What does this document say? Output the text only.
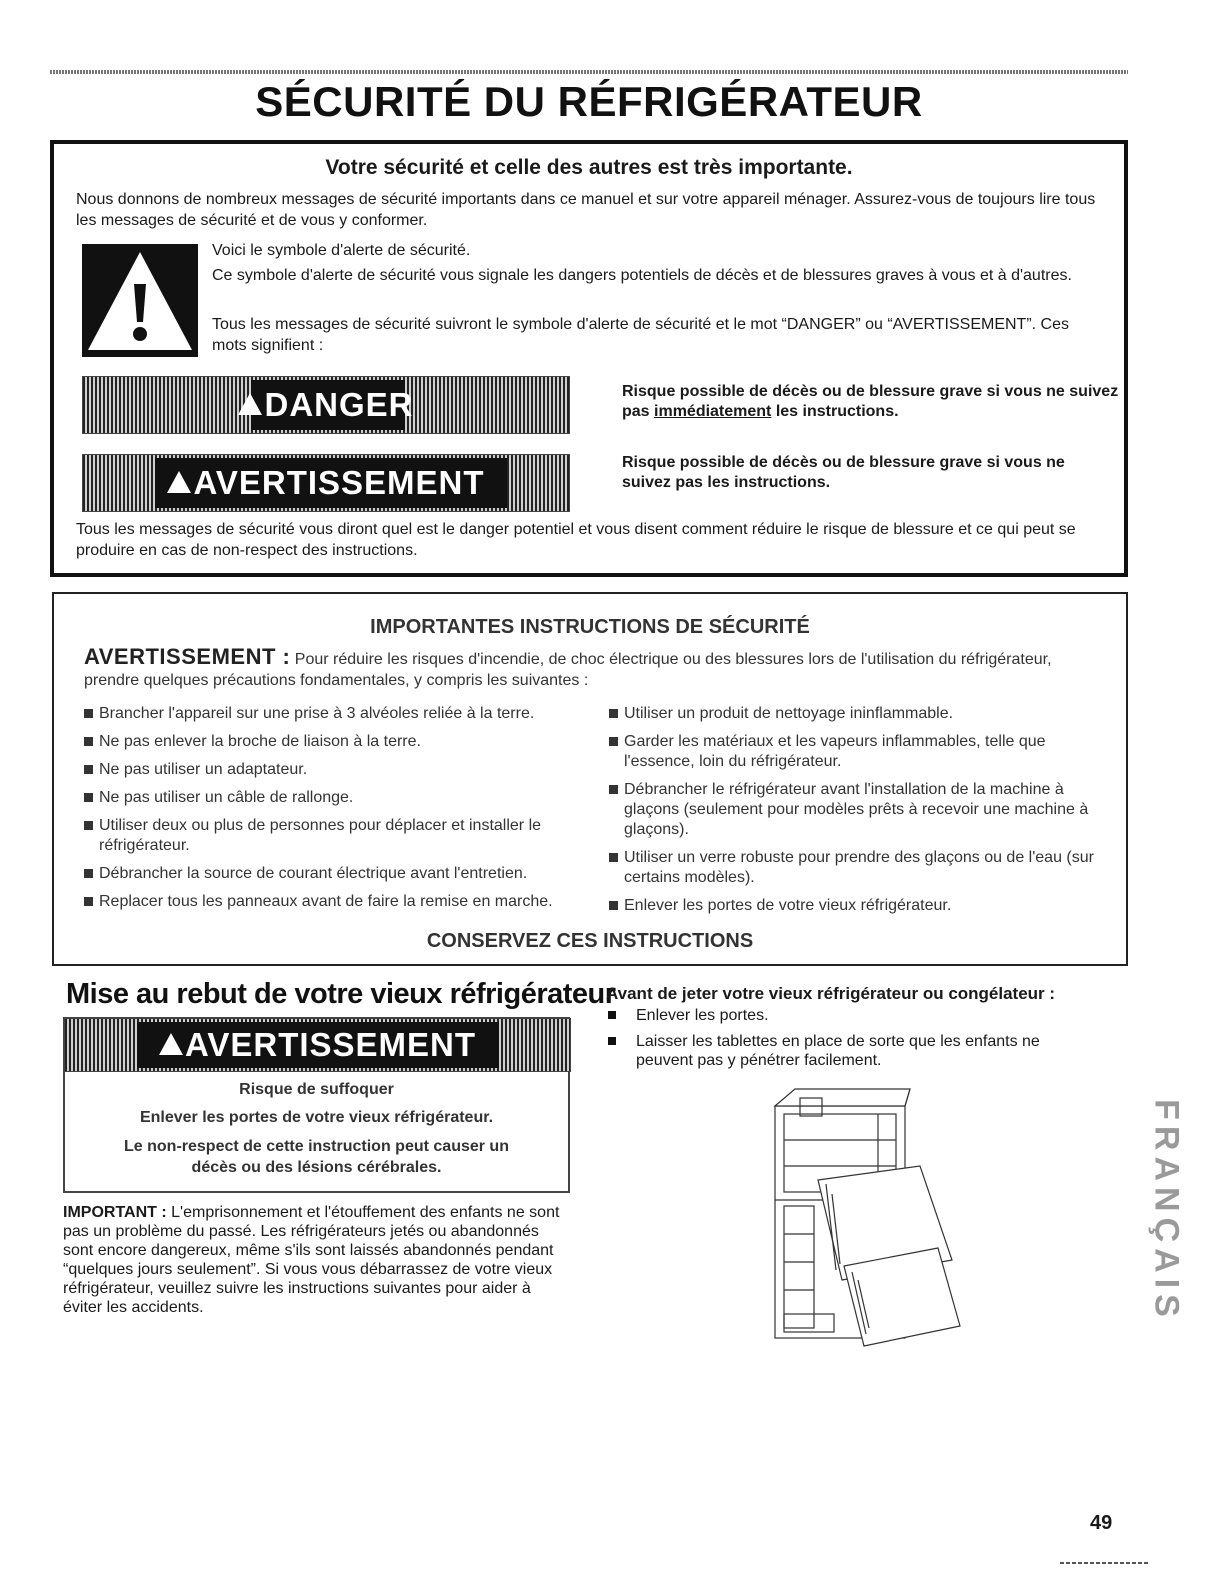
SÉCURITÉ DU RÉFRIGÉRATEUR
Votre sécurité et celle des autres est très importante.

Nous donnons de nombreux messages de sécurité importants dans ce manuel et sur votre appareil ménager. Assurez-vous de toujours lire tous les messages de sécurité et de vous y conformer.

Voici le symbole d'alerte de sécurité.

Ce symbole d'alerte de sécurité vous signale les dangers potentiels de décès et de blessures graves à vous et à d'autres.

Tous les messages de sécurité suivront le symbole d'alerte de sécurité et le mot “DANGER” ou “AVERTISSEMENT”. Ces mots signifient :

DANGER	Risque possible de décès ou de blessure grave si vous ne suivez pas immédiatement les instructions.

AVERTISSEMENT

Risque possible de décès ou de blessure grave si vous ne suivez pas les instructions.

Tous les messages de sécurité vous diront quel est le danger potentiel et vous disent comment réduire le risque de blessure et ce qui peut se produire en cas de non-respect des instructions.

IMPORTANTES INSTRUCTIONS DE SÉCURITÉ

AVERTISSEMENT : Pour réduire les risques d'incendie, de choc électrique ou des blessures lors de l'utilisation du réfrigérateur, prendre quelques précautions fondamentales, y compris les suivantes :

Brancher l'appareil sur une prise à 3 alvéoles reliée à la terre.
Ne pas enlever la broche de liaison à la terre.
Ne pas utiliser un adaptateur.
Ne pas utiliser un câble de rallonge.
Utiliser deux ou plus de personnes pour déplacer et installer le réfrigérateur.
Débrancher la source de courant électrique avant l'entretien.
Replacer tous les panneaux avant de faire la remise en marche.
Utiliser un produit de nettoyage ininflammable.
Garder les matériaux et les vapeurs inflammables, telle que l'essence, loin du réfrigérateur.
Débrancher le réfrigérateur avant l'installation de la machine à glaçons (seulement pour modèles prêts à recevoir une machine à glaçons).
Utiliser un verre robuste pour prendre des glaçons ou de l'eau (sur certains modèles).
Enlever les portes de votre vieux réfrigérateur.
CONSERVEZ CES INSTRUCTIONS
Mise au rebut de votre vieux réfrigérateur
AVERTISSEMENT
Risque de suffoquer
Enlever les portes de votre vieux réfrigérateur.
Le non-respect de cette instruction peut causer un décès ou des lésions cérébrales.

IMPORTANT : L'emprisonnement et l'étouffement des enfants ne sont pas un problème du passé. Les réfrigérateurs jetés ou abandonnés sont encore dangereux, même s'ils sont laissés abandonnés pendant “quelques jours seulement”. Si vous vous débarrassez de votre vieux réfrigérateur, veuillez suivre les instructions suivantes pour aider à éviter les accidents.

Avant de jeter votre vieux réfrigérateur ou congélateur :
Enlever les portes.
Laisser les tablettes en place de sorte que les enfants ne peuvent pas y pénétrer facilement.
FRANÇAIS
49
